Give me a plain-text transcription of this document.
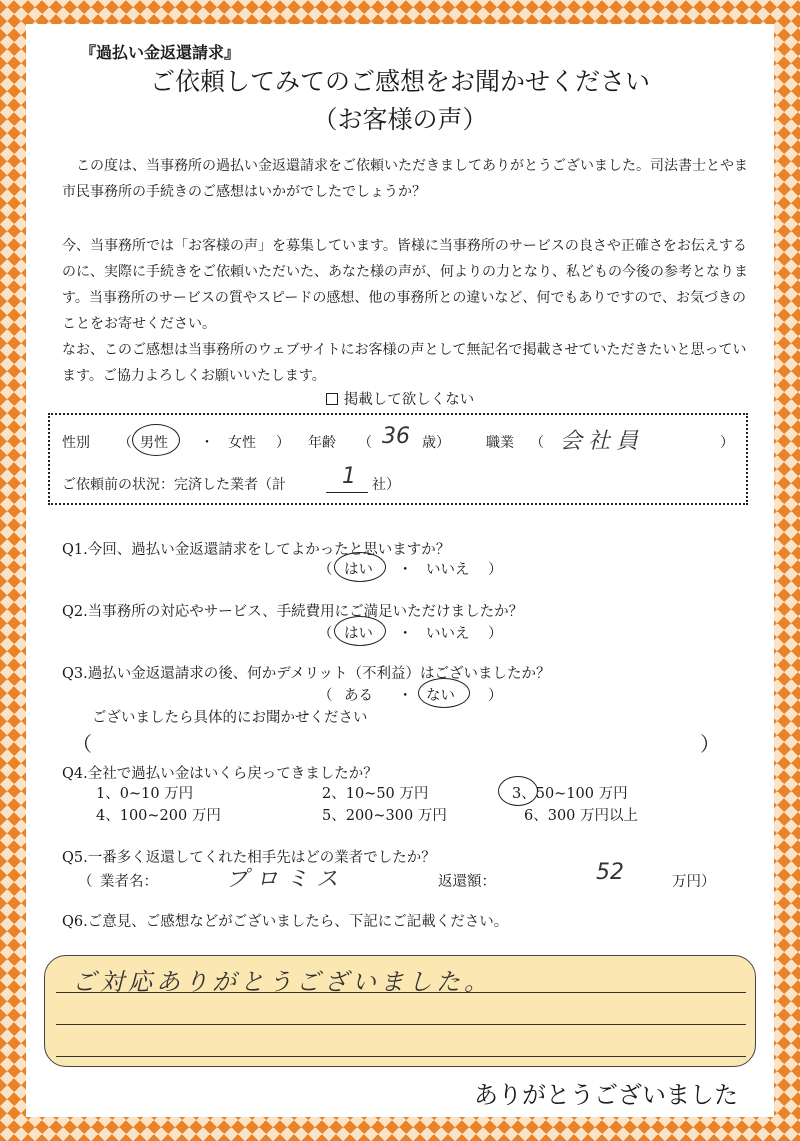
『過払い金返還請求』
ご依頼してみてのご感想をお聞かせください
（お客様の声）
この度は、当事務所の過払い金返還請求をご依頼いただきましてありがとうございました。司法書士とやま市民事務所の手続きのご感想はいかがでしたでしょうか？
今、当事務所では「お客様の声」を募集しています。皆様に当事務所のサービスの良さや正確さをお伝えするのに、実際に手続きをご依頼いただいた、あなた様の声が、何よりの力となり、私どもの今後の参考となります。当事務所のサービスの質やスピードの感想、他の事務所との違いなど、何でもありですので、お気づきのことをお寄せください。
なお、このご感想は当事務所のウェブサイトにお客様の声として無記名で掲載させていただきたいと思っています。ご協力よろしくお願いいたします。
掲載して欲しくない
性別 （ 男性 ・ 女性 ） 年齢 （ 36 歳）	職業 （ 会社員	）
ご依頼前の状況：完済した業者（計	1 社）
Q1.今回、過払い金返還請求をしてよかったと思いますか？
（ はい ・ いいえ ）
Q2.当事務所の対応やサービス、手続費用にご満足いただけましたか？
（ はい ・ いいえ ）
Q3.過払い金返還請求の後、何かデメリット（不利益）はございましたか？
（ ある ・ ない ）
ございましたら具体的にお聞かせください
（	）
Q4.全社で過払い金はいくら戻ってきましたか？
1、0~10 万円	2、10~50 万円	3、50~100 万円
4、100~200 万円	5、200~300 万円	6、300 万円以上
Q5.一番多く返還してくれた相手先はどの業者でしたか？
（ 業者名：	プロミス	返還額：	52	万円）
Q6.ご意見、ご感想などがございましたら、下記にご記載ください。
ご対応ありがとうございました。
ありがとうございました
